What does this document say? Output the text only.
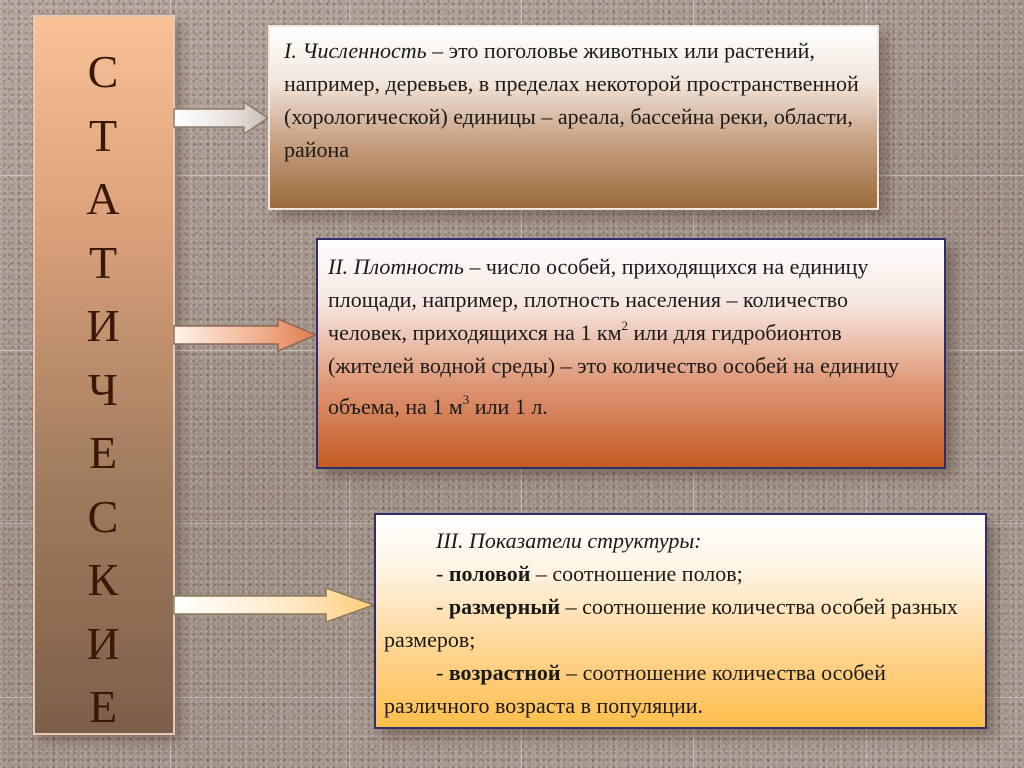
С
Т
А
Т
И
Ч
Е
С
К
И
Е

I. Численность – это поголовье животных или растений, например, деревьев, в пределах некоторой пространственной (хорологической) единицы – ареала, бассейна реки, области, района

II. Плотность – число особей, приходящихся на единицу площади, например, плотность населения – количество человек, приходящихся на 1 $км^2$ или для гидробионтов (жителей водной среды) – это количество особей на единицу

объема, на 1 $м^3$ или 1 л.

III. Показатели структуры:

- половой – соотношение полов;

- размерный – соотношение количества особей разных размеров;

- возрастной – соотношение количества особей различного возраста в популяции.
